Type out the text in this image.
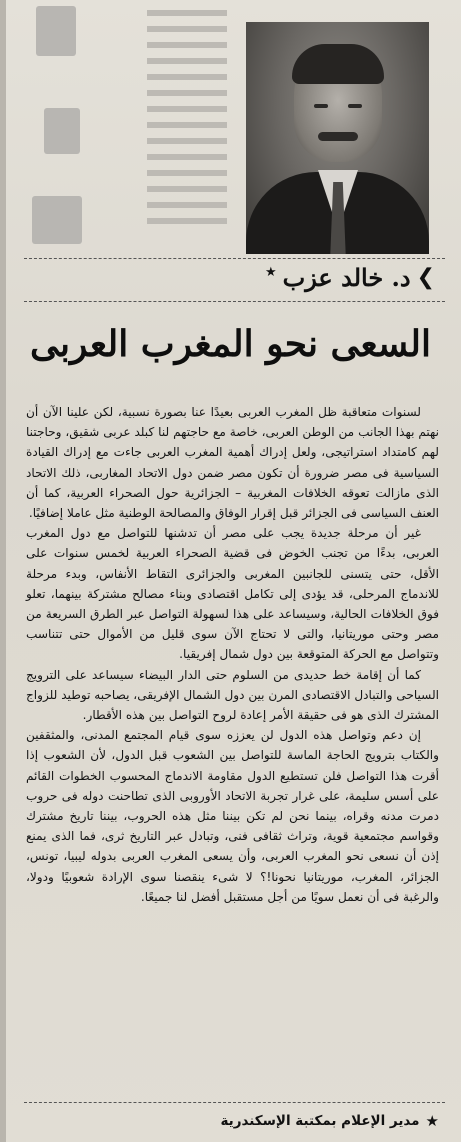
❯
د. خالد عزب
★
السعى نحو المغرب العربى

لسنوات متعاقبة ظل المغرب العربى بعيدًا عنا بصورة نسبية، لكن علينا الآن أن نهتم بهذا الجانب من الوطن العربى، خاصة مع حاجتهم لنا كبلد عربى شقيق، وحاجتنا لهم كامتداد استراتيجى، ولعل إدراك أهمية المغرب العربى جاءت مع إدراك القيادة السياسية فى مصر ضرورة أن تكون مصر ضمن دول الاتحاد المغاربى، ذلك الاتحاد الذى مازالت تعوقه الخلافات المغربية – الجزائرية حول الصحراء العربية، كما أن العنف السياسى فى الجزائر قبل إقرار الوفاق والمصالحة الوطنية مثل عاملا إضافيًا.

غير أن مرحلة جديدة يجب على مصر أن تدشنها للتواصل مع دول المغرب العربى، بدءًا من تجنب الخوض فى قضية الصحراء العربية لخمس سنوات على الأقل، حتى يتسنى للجانبين المغربى والجزائرى التقاط الأنفاس، وبدء مرحلة للاندماج المرحلى، قد يؤدى إلى تكامل اقتصادى وبناء مصالح مشتركة بينهما، تعلو فوق الخلافات الحالية، وسيساعد على هذا لسهولة التواصل عبر الطرق السريعة من مصر وحتى موريتانيا، والتى لا تحتاج الآن سوى قليل من الأموال حتى تتناسب وتتواصل مع الحركة المتوقعة بين دول شمال إفريقيا.

كما أن إقامة خط حديدى من السلوم حتى الدار البيضاء سيساعد على الترويج السياحى والتبادل الاقتصادى المرن بين دول الشمال الإفريقى، يصاحبه توطيد للزواج المشترك الذى هو فى حقيقة الأمر إعادة لروح التواصل بين هذه الأقطار.

إن دعم وتواصل هذه الدول لن يعززه سوى قيام المجتمع المدنى، والمثقفين والكتاب بترويج الحاجة الماسة للتواصل بين الشعوب قبل الدول، لأن الشعوب إذا أقرت هذا التواصل فلن تستطيع الدول مقاومة الاندماج المحسوب الخطوات القائم على أسس سليمة، على غرار تجربة الاتحاد الأوروبى الذى تطاحنت دوله فى حروب دمرت مدنه وقراه، بينما نحن لم تكن بيننا مثل هذه الحروب، بيننا تاريخ مشترك وقواسم مجتمعية قوية، وتراث ثقافى فنى، وتبادل عبر التاريخ ثرى، فما الذى يمنع إذن أن نسعى نحو المغرب العربى، وأن يسعى المغرب العربى بدوله ليبيا، تونس، الجزائر، المغرب، موريتانيا نحونا!؟ لا شىء ينقصنا سوى الإرادة شعوبيًا ودولا، والرغبة فى أن نعمل سويًا من أجل مستقبل أفضل لنا جميعًا.

★
مدير الإعلام بمكتبة الإسكندرية
